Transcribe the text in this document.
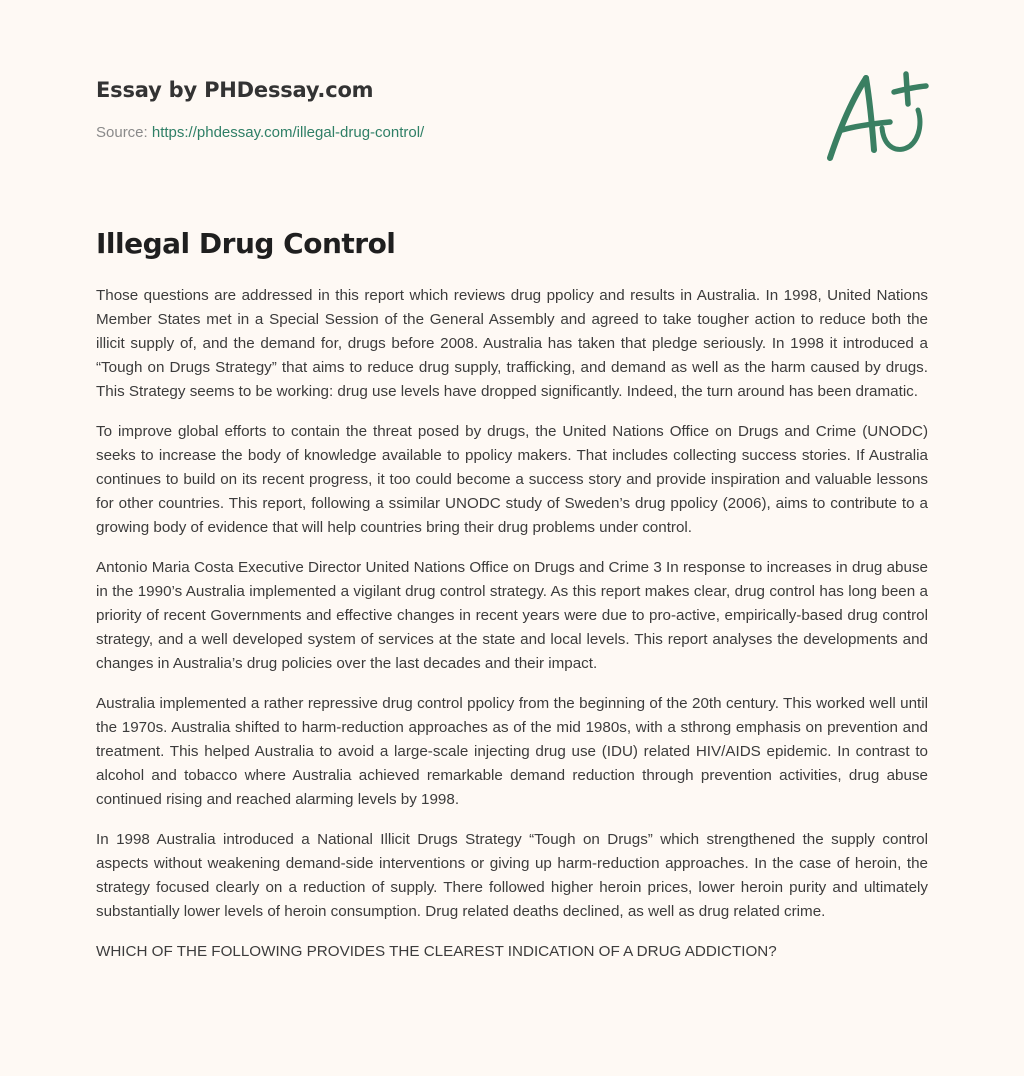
Essay by PHDessay.com
Source: https://phdessay.com/illegal-drug-control/
Illegal Drug Control

Those questions are addressed in this report which reviews drug ppolicy and results in Australia. In 1998, United Nations Member States met in a Special Session of the General Assembly and agreed to take tougher action to reduce both the illicit supply of, and the demand for, drugs before 2008. Australia has taken that pledge seriously. In 1998 it introduced a “Tough on Drugs Strategy” that aims to reduce drug supply, trafficking, and demand as well as the harm caused by drugs. This Strategy seems to be working: drug use levels have dropped significantly. Indeed, the turn around has been dramatic.

To improve global efforts to contain the threat posed by drugs, the United Nations Office on Drugs and Crime (UNODC) seeks to increase the body of knowledge available to ppolicy makers. That includes collecting success stories. If Australia continues to build on its recent progress, it too could become a success story and provide inspiration and valuable lessons for other countries. This report, following a ssimilar UNODC study of Sweden’s drug ppolicy (2006), aims to contribute to a growing body of evidence that will help countries bring their drug problems under control.

Antonio Maria Costa Executive Director United Nations Office on Drugs and Crime 3 In response to increases in drug abuse in the 1990’s Australia implemented a vigilant drug control strategy. As this report makes clear, drug control has long been a priority of recent Governments and effective changes in recent years were due to pro-active, empirically-based drug control strategy, and a well developed system of services at the state and local levels. This report analyses the developments and changes in Australia’s drug policies over the last decades and their impact.

Australia implemented a rather repressive drug control ppolicy from the beginning of the 20th century. This worked well until the 1970s. Australia shifted to harm-reduction approaches as of the mid 1980s, with a sthrong emphasis on prevention and treatment. This helped Australia to avoid a large-scale injecting drug use (IDU) related HIV/AIDS epidemic. In contrast to alcohol and tobacco where Australia achieved remarkable demand reduction through prevention activities, drug abuse continued rising and reached alarming levels by 1998.

In 1998 Australia introduced a National Illicit Drugs Strategy “Tough on Drugs” which strengthened the supply control aspects without weakening demand-side interventions or giving up harm-reduction approaches. In the case of heroin, the strategy focused clearly on a reduction of supply. There followed higher heroin prices, lower heroin purity and ultimately substantially lower levels of heroin consumption. Drug related deaths declined, as well as drug related crime.

WHICH OF THE FOLLOWING PROVIDES THE CLEAREST INDICATION OF A DRUG ADDICTION?
